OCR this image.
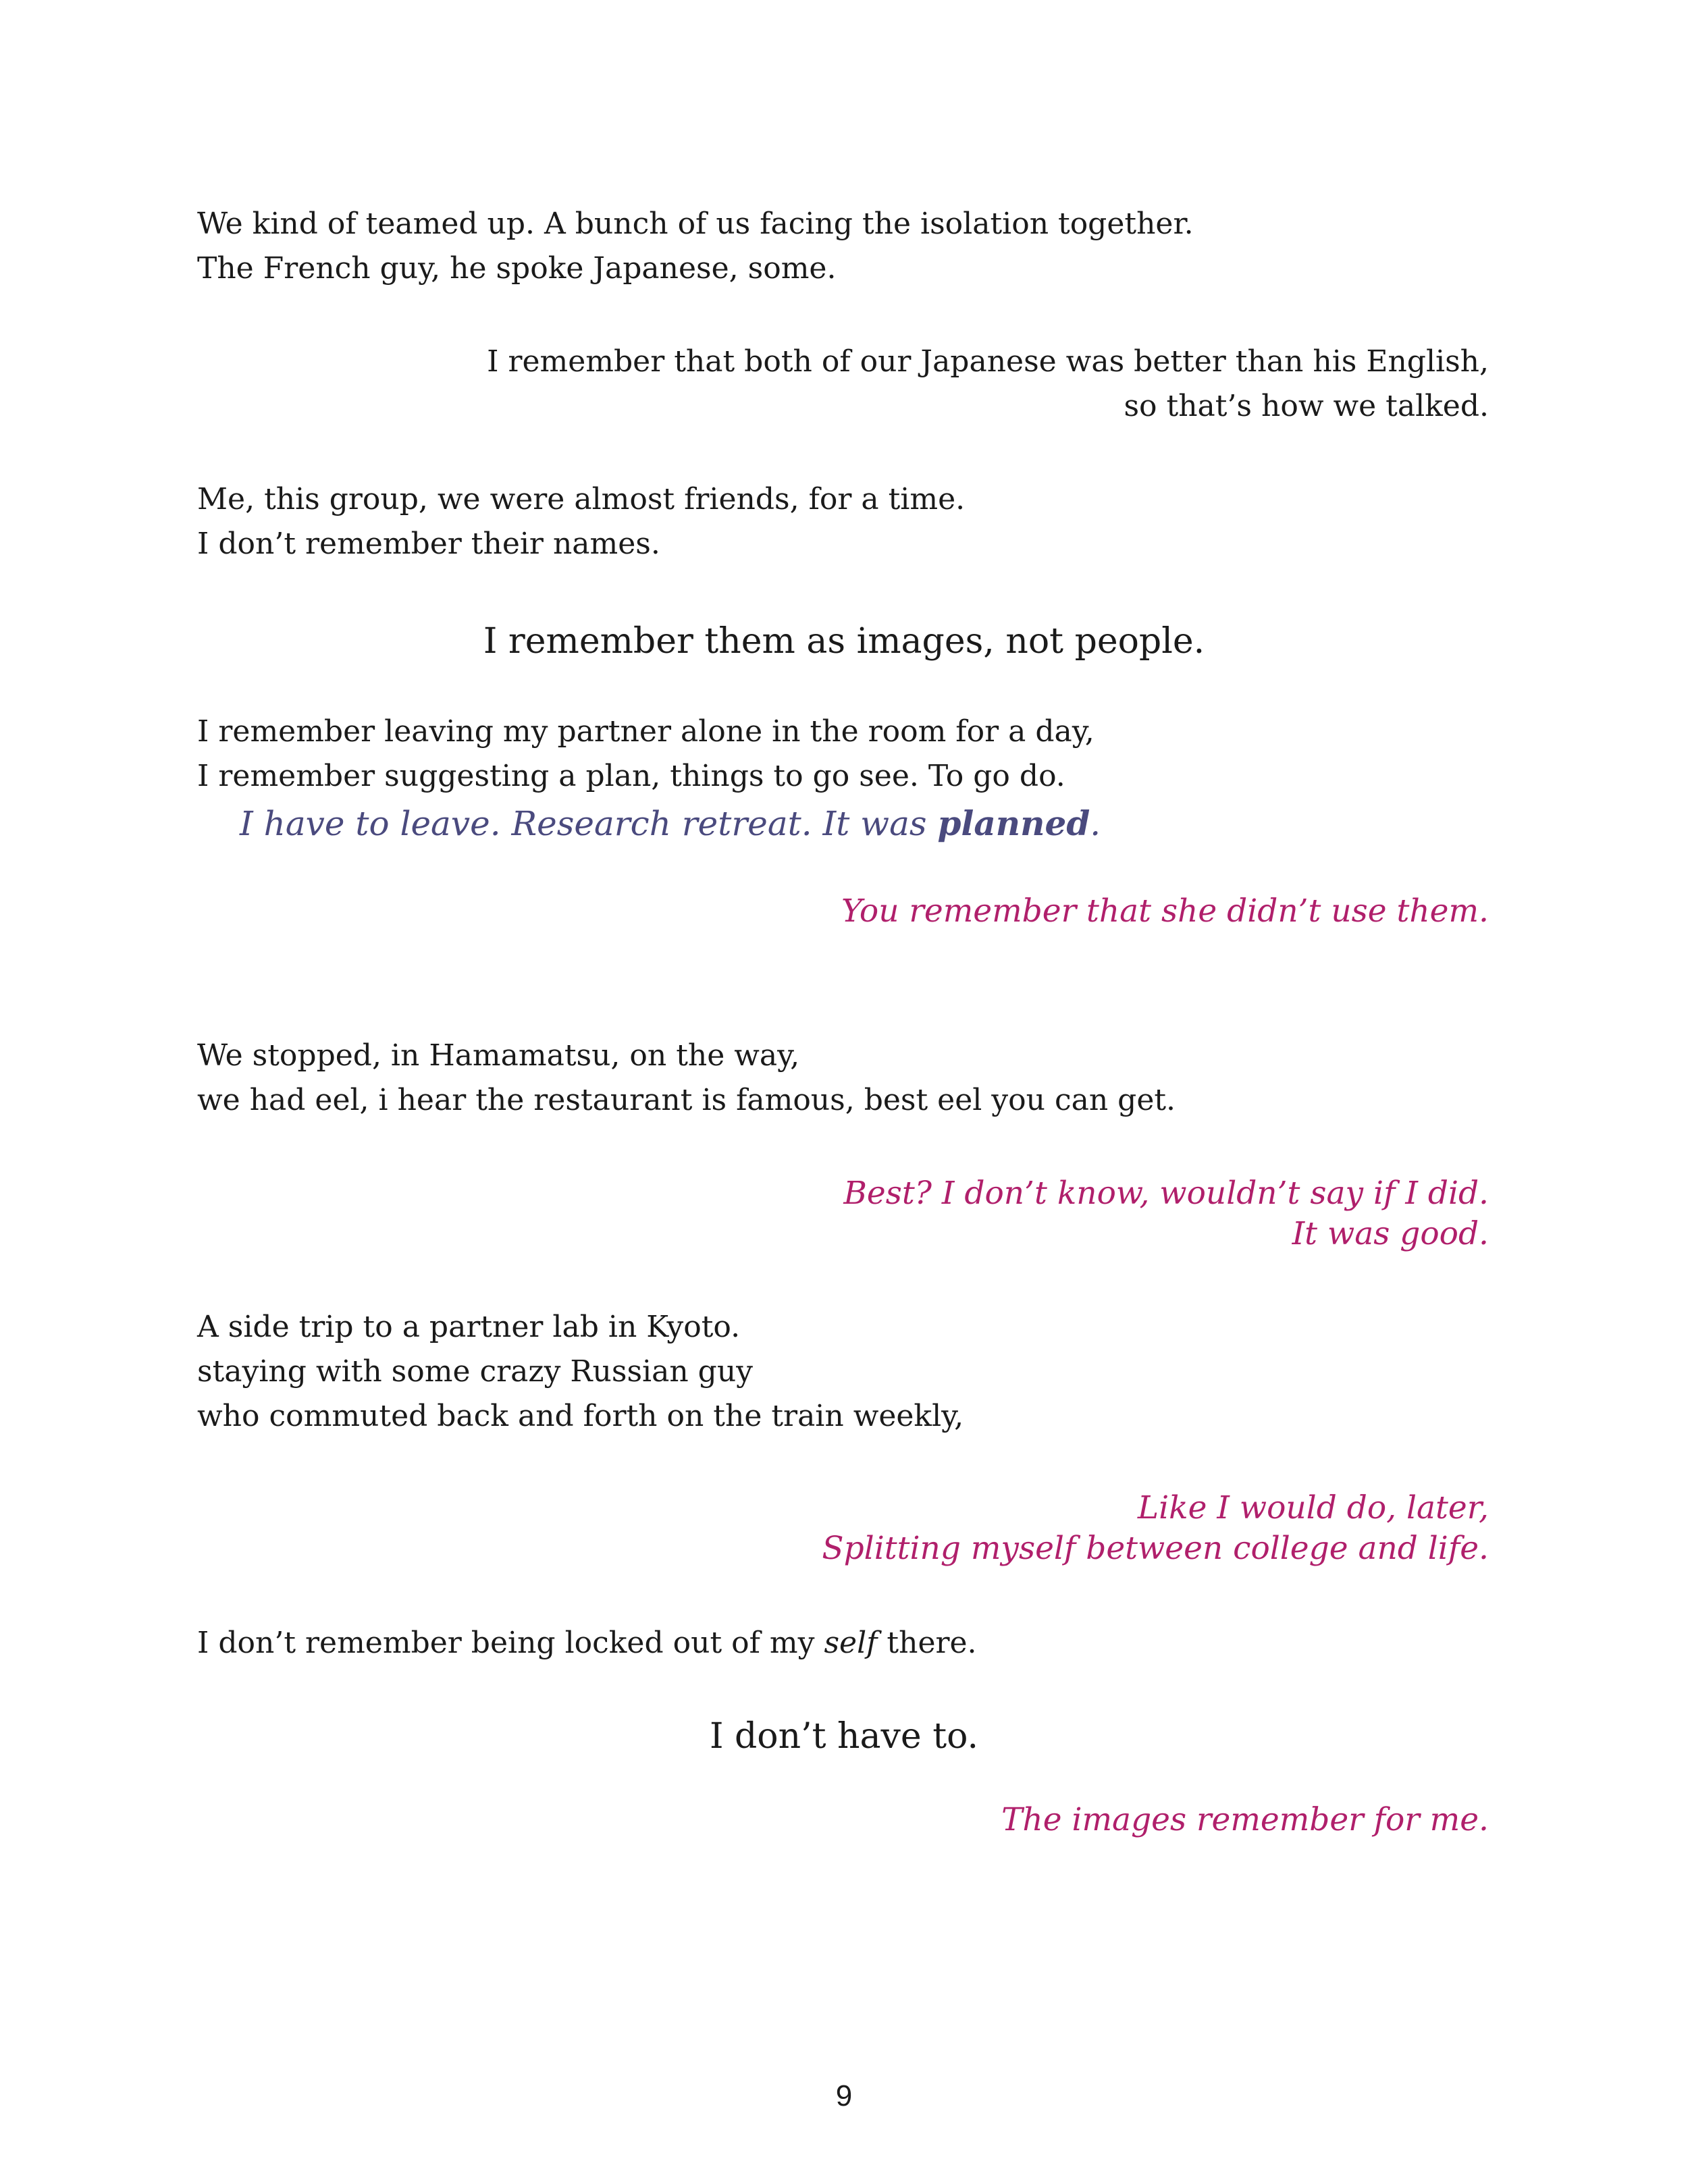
We kind of teamed up. A bunch of us facing the isolation together.
The French guy, he spoke Japanese, some.
I remember that both of our Japanese was better than his English,
so that’s how we talked.
Me, this group, we were almost friends, for a time.
I don’t remember their names.
I remember them as images, not people.
I remember leaving my partner alone in the room for a day,
I remember suggesting a plan, things to go see. To go do.
I have to leave. Research retreat. It was planned.
You remember that she didn’t use them.
We stopped, in Hamamatsu, on the way,
we had eel, i hear the restaurant is famous, best eel you can get.
Best? I don’t know, wouldn’t say if I did.
It was good.
A side trip to a partner lab in Kyoto.
staying with some crazy Russian guy
who commuted back and forth on the train weekly,
Like I would do, later,
Splitting myself between college and life.
I don’t remember being locked out of my self there.
I don’t have to.
The images remember for me.
9
